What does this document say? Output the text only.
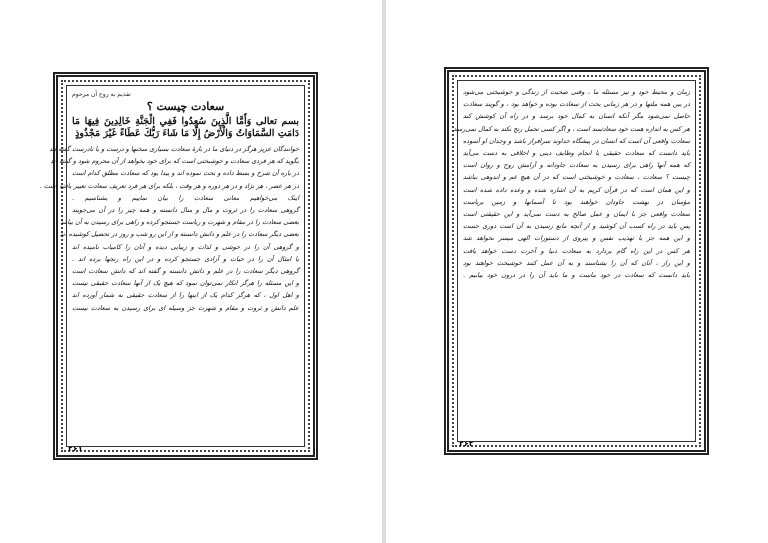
تقدیم به روح آن مرحوم
سعادت چیست ؟
بسم تعالی وَأَمَّا الَّذِينَ سُعِدُوا فَفِي الْجَنَّةِ خَالِدِينَ فِيهَا مَا دَامَتِ السَّمَاوَاتُ وَالْأَرْضُ إِلَّا مَا شَاءَ رَبُّكَ عَطَاءً غَيْرَ مَجْذُوذٍ
خوانندگان عزیز هرگز در دنیای ما در بارهٔ سعادت بسیاری سخنها و درست و یا نادرست گفته اند
بگوید که هر فردی سعادت و خوشبختی است که برای خود بخواهد از آن محروم شود و گفته اند
در باره آن شرح و بسط داده و بحث نموده اند و پیدا بود که سعادت مطلق کدام است
در هر عصر ، هر نژاد و در هر دوره و هر وقت ، بلکه برای هر فرد تعریف سعادت تغییر یافته است .
اینک می‌خواهیم معانی سعادت را بیان نماییم و بشناسیم .
گروهی سعادت را در ثروت و مال و منال دانسته و همه چیز را در آن می‌جویند
بعضی سعادت را در مقام و شهرت و ریاست جستجو کرده و راهی برای رسیدن به آن بیابند
بعضی دیگر سعادت را در علم و دانش دانسته و از این رو شب و روز در تحصیل کوشیده اند
و گروهی آن را در خوشی و لذات و زیبایی دیده و آنان را کامیاب نامیده اند
یا امثال آن را در حیات و آزادی جستجو کرده و در این راه رنجها برده اند .
گروهی دیگر سعادت را در علم و دانش دانسته و گفته اند که دانش سعادت است
و این مسئله را هرگز انکار نمی‌توان نمود که هیچ یک از آنها سعادت حقیقی نیست
و اهل اول ، که هرگز کدام یک از اینها را از سعادت حقیقی به شمار آورده اند
علم دانش و ثروت و مقام و شهرت جز وسیله ای برای رسیدن به سعادت نیست
۲۶۱
زمان و محیط خود و نیز مسئله ما ، وقتی صحبت از زندگی و خوشبختی می‌شود
در بین همه ملتها و در هر زمانی بحث از سعادت بوده و خواهد بود ، و گویند سعادت
حاصل نمی‌شود مگر آنکه انسان به کمال خود برسد و در راه آن کوشش کند
هر کس به اندازه همت خود سعادتمند است ، و اگر کسی تحمل رنج نکند به کمال نمی‌رسد
سعادت واقعی آن است که انسان در پیشگاه خداوند سرافراز باشد و وجدان او آسوده
باید دانست که سعادت حقیقی با انجام وظایف دینی و اخلاقی به دست می‌آید
که همه آنها راهی برای رسیدن به سعادت جاودانه و آرامش روح و روان است
چیست ؟ سعادت ، سعادت و خوشبختی است که در آن هیچ غم و اندوهی نباشد
و این همان است که در قرآن کریم به آن اشاره شده و وعده داده شده است
مؤمنان در بهشت جاودان خواهند بود تا آسمانها و زمین برپاست
سعادت واقعی جز با ایمان و عمل صالح به دست نمی‌آید و این حقیقتی است
پس باید در راه کسب آن کوشید و از آنچه مانع رسیدن به آن است دوری جست
و این همه جز با تهذیب نفس و پیروی از دستورات الهی میسر نخواهد شد
هر کس در این راه گام بردارد به سعادت دنیا و آخرت دست خواهد یافت
و این راز ، آنان که آن را بشناسند و به آن عمل کنند خوشبخت خواهند بود
باید دانست که سعادت در خود ماست و ما باید آن را در درون خود بیابیم .
۲۶۲
